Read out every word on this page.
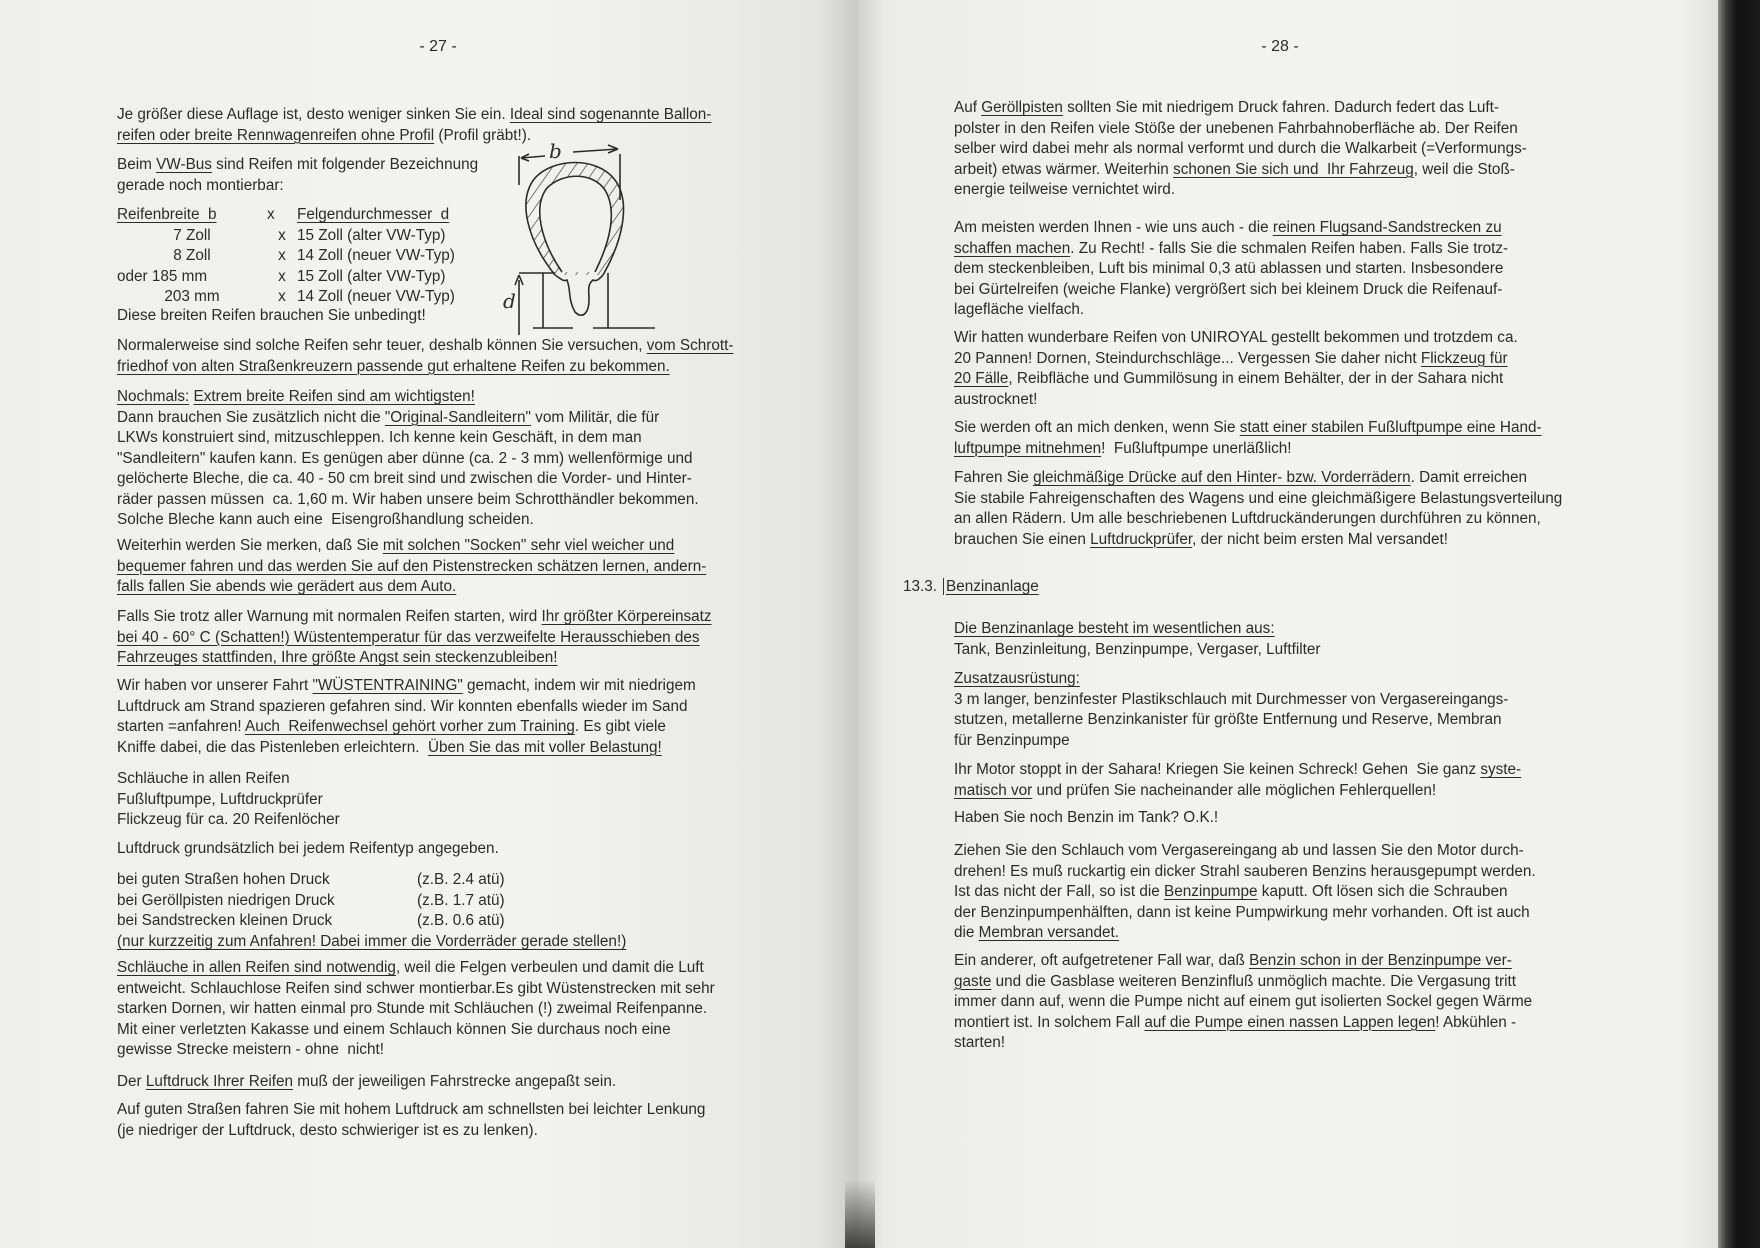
- 27 -
Je größer diese Auflage ist, desto weniger sinken Sie ein. Ideal sind sogenannte Ballon-
reifen oder breite Rennwagenreifen ohne Profil (Profil gräbt!).
Beim VW-Bus sind Reifen mit folgender Bezeichnung
gerade noch montierbar:
Reifenbreite  b	x	Felgendurchmesser  d
7 Zoll	x	15 Zoll (alter VW-Typ)
8 Zoll	x	14 Zoll (neuer VW-Typ)
oder 185 mm	x	15 Zoll (alter VW-Typ)
203 mm	x	14 Zoll (neuer VW-Typ)
Diese breiten Reifen brauchen Sie unbedingt!
Normalerweise sind solche Reifen sehr teuer, deshalb können Sie versuchen, vom Schrott-
friedhof von alten Straßenkreuzern passende gut erhaltene Reifen zu bekommen.
Nochmals: Extrem breite Reifen sind am wichtigsten!
Dann brauchen Sie zusätzlich nicht die "Original-Sandleitern" vom Militär, die für
LKWs konstruiert sind, mitzuschleppen. Ich kenne kein Geschäft, in dem man
"Sandleitern" kaufen kann. Es genügen aber dünne (ca. 2 - 3 mm) wellenförmige und
gelöcherte Bleche, die ca. 40 - 50 cm breit sind und zwischen die Vorder- und Hinter-
räder passen müssen  ca. 1,60 m. Wir haben unsere beim Schrotthändler bekommen.
Solche Bleche kann auch eine  Eisengroßhandlung scheiden.
Weiterhin werden Sie merken, daß Sie mit solchen "Socken" sehr viel weicher und
bequemer fahren und das werden Sie auf den Pistenstrecken schätzen lernen, andern-
falls fallen Sie abends wie gerädert aus dem Auto.
Falls Sie trotz aller Warnung mit normalen Reifen starten, wird Ihr größter Körpereinsatz
bei 40 - 60° C (Schatten!) Wüstentemperatur für das verzweifelte Herausschieben des
Fahrzeuges stattfinden, Ihre größte Angst sein steckenzubleiben!
Wir haben vor unserer Fahrt "WÜSTENTRAINING" gemacht, indem wir mit niedrigem
Luftdruck am Strand spazieren gefahren sind. Wir konnten ebenfalls wieder im Sand
starten =anfahren! Auch  Reifenwechsel gehört vorher zum Training. Es gibt viele
Kniffe dabei, die das Pistenleben erleichtern.  Üben Sie das mit voller Belastung!
Schläuche in allen Reifen
Fußluftpumpe, Luftdruckprüfer
Flickzeug für ca. 20 Reifenlöcher
Luftdruck grundsätzlich bei jedem Reifentyp angegeben.
bei guten Straßen hohen Druck	(z.B. 2.4 atü)
bei Geröllpisten niedrigen Druck	(z.B. 1.7 atü)
bei Sandstrecken kleinen Druck	(z.B. 0.6 atü)
(nur kurzzeitig zum Anfahren! Dabei immer die Vorderräder gerade stellen!)
Schläuche in allen Reifen sind notwendig, weil die Felgen verbeulen und damit die Luft
entweicht. Schlauchlose Reifen sind schwer montierbar.Es gibt Wüstenstrecken mit sehr
starken Dornen, wir hatten einmal pro Stunde mit Schläuchen (!) zweimal Reifenpanne.
Mit einer verletzten Kakasse und einem Schlauch können Sie durchaus noch eine
gewisse Strecke meistern - ohne  nicht!
Der Luftdruck Ihrer Reifen muß der jeweiligen Fahrstrecke angepaßt sein.
Auf guten Straßen fahren Sie mit hohem Luftdruck am schnellsten bei leichter Lenkung
(je niedriger der Luftdruck, desto schwieriger ist es zu lenken).
- 28 -
Auf Geröllpisten sollten Sie mit niedrigem Druck fahren. Dadurch federt das Luft-
polster in den Reifen viele Stöße der unebenen Fahrbahnoberfläche ab. Der Reifen
selber wird dabei mehr als normal verformt und durch die Walkarbeit (=Verformungs-
arbeit) etwas wärmer. Weiterhin schonen Sie sich und  Ihr Fahrzeug, weil die Stoß-
energie teilweise vernichtet wird.
Am meisten werden Ihnen - wie uns auch - die reinen Flugsand-Sandstrecken zu
schaffen machen. Zu Recht! - falls Sie die schmalen Reifen haben. Falls Sie trotz-
dem steckenbleiben, Luft bis minimal 0,3 atü ablassen und starten. Insbesondere
bei Gürtelreifen (weiche Flanke) vergrößert sich bei kleinem Druck die Reifenauf-
lagefläche vielfach.
Wir hatten wunderbare Reifen von UNIROYAL gestellt bekommen und trotzdem ca.
20 Pannen! Dornen, Steindurchschläge... Vergessen Sie daher nicht Flickzeug für
20 Fälle, Reibfläche und Gummilösung in einem Behälter, der in der Sahara nicht
austrocknet!
Sie werden oft an mich denken, wenn Sie statt einer stabilen Fußluftpumpe eine Hand-
luftpumpe mitnehmen!  Fußluftpumpe unerläßlich!
Fahren Sie gleichmäßige Drücke auf den Hinter- bzw. Vorderrädern. Damit erreichen
Sie stabile Fahreigenschaften des Wagens und eine gleichmäßigere Belastungsverteilung
an allen Rädern. Um alle beschriebenen Luftdruckänderungen durchführen zu können,
brauchen Sie einen Luftdruckprüfer, der nicht beim ersten Mal versandet!
Die Benzinanlage besteht im wesentlichen aus:
Tank, Benzinleitung, Benzinpumpe, Vergaser, Luftfilter
Zusatzausrüstung:
3 m langer, benzinfester Plastikschlauch mit Durchmesser von Vergasereingangs-
stutzen, metallerne Benzinkanister für größte Entfernung und Reserve, Membran
für Benzinpumpe
Ihr Motor stoppt in der Sahara! Kriegen Sie keinen Schreck! Gehen  Sie ganz syste-
matisch vor und prüfen Sie nacheinander alle möglichen Fehlerquellen!
Haben Sie noch Benzin im Tank? O.K.!
Ziehen Sie den Schlauch vom Vergasereingang ab und lassen Sie den Motor durch-
drehen! Es muß ruckartig ein dicker Strahl sauberen Benzins herausgepumpt werden.
Ist das nicht der Fall, so ist die Benzinpumpe kaputt. Oft lösen sich die Schrauben
der Benzinpumpenhälften, dann ist keine Pumpwirkung mehr vorhanden. Oft ist auch
die Membran versandet.
Ein anderer, oft aufgetretener Fall war, daß Benzin schon in der Benzinpumpe ver-
gaste und die Gasblase weiteren Benzinfluß unmöglich machte. Die Vergasung tritt
immer dann auf, wenn die Pumpe nicht auf einem gut isolierten Sockel gegen Wärme
montiert ist. In solchem Fall auf die Pumpe einen nassen Lappen legen! Abkühlen -
starten!
13.3. Benzinanlage
b
d
